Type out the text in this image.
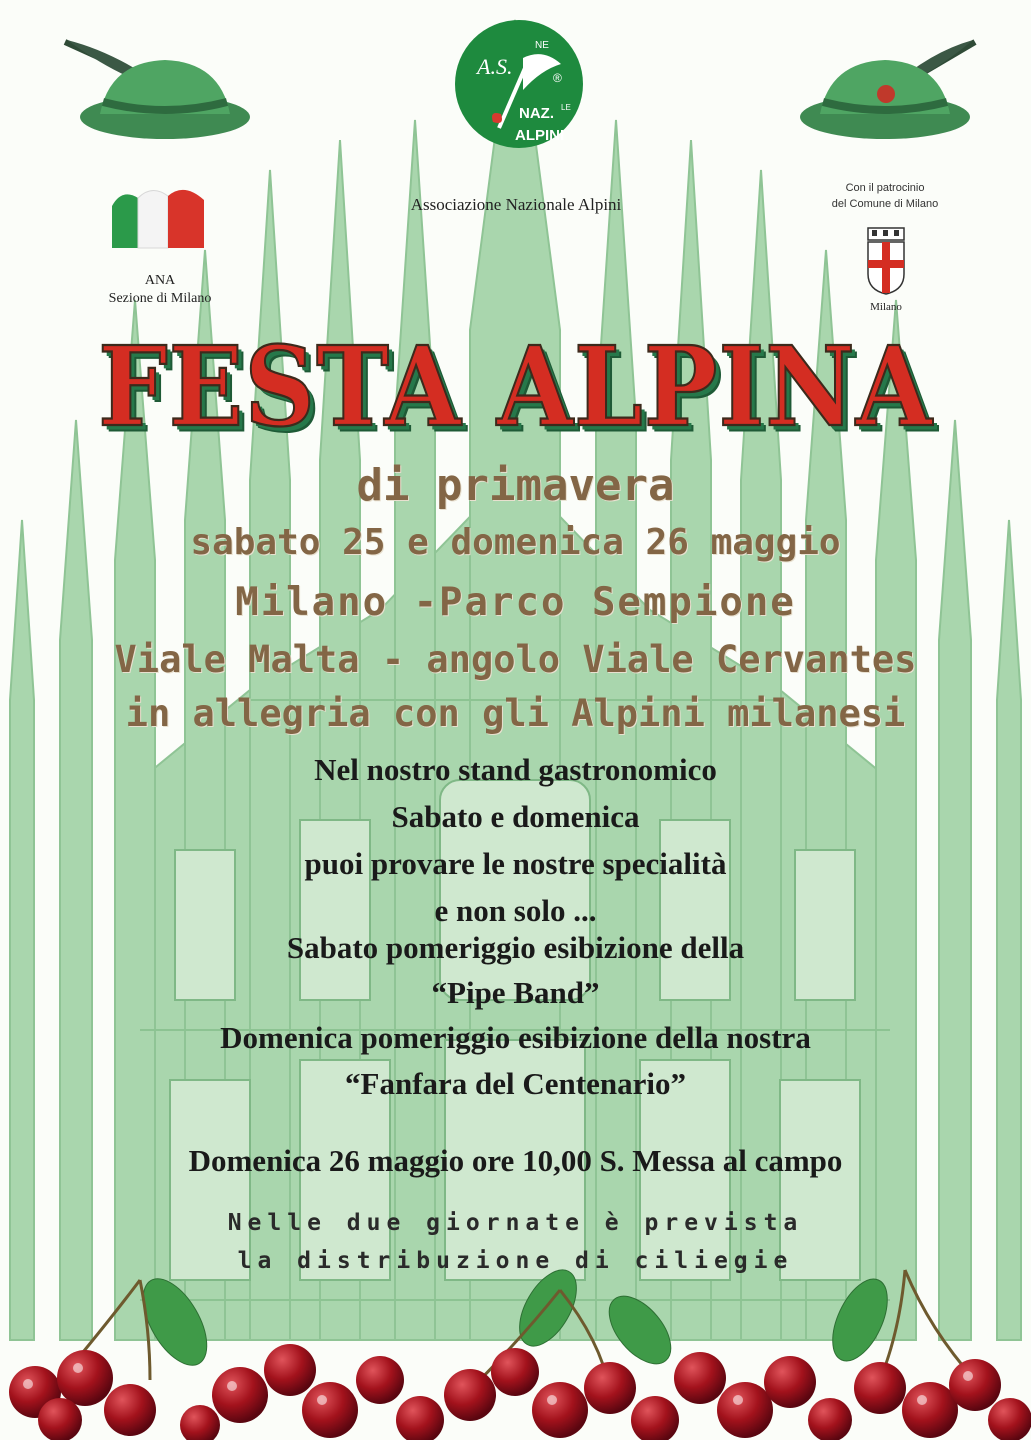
A.S.
NE
®
NAZ. LE
ALPINI
Associazione Nazionale Alpini
ANA
Sezione di Milano
Con il patrocinio
del Comune di Milano
Milano
FESTA ALPINA
di primavera
sabato 25 e domenica 26 maggio
Milano -Parco Sempione
Viale Malta - angolo Viale Cervantes
in allegria con gli Alpini milanesi
Nel nostro stand gastronomico
Sabato e domenica
puoi provare le nostre specialità
e non solo ...
Sabato pomeriggio esibizione della
“Pipe Band”
Domenica pomeriggio esibizione della nostra
“Fanfara del Centenario”
Domenica 26 maggio ore 10,00 S. Messa al campo
Nelle due giornate è prevista
la distribuzione di ciliegie
